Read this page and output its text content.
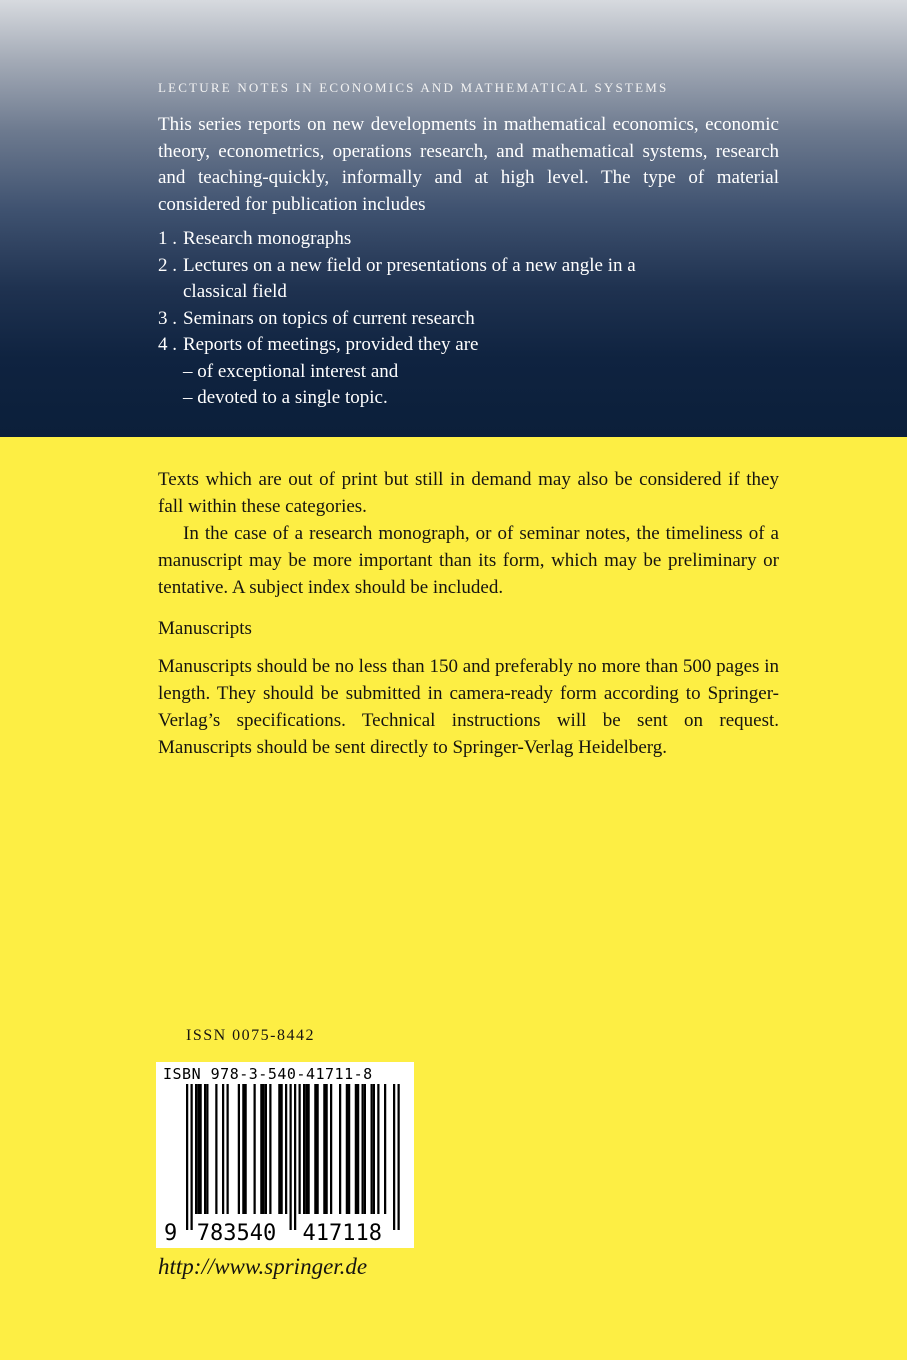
LECTURE NOTES IN ECONOMICS AND MATHEMATICAL SYSTEMS

This series reports on new developments in mathematical economics, economic theory, econometrics, operations research, and mathematical systems, research and teaching-quickly, informally and at high level. The type of material considered for publication includes

1 . Research monographs
2 . Lectures on a new field or presentations of a new angle in a classical field
3 . Seminars on topics of current research
4 . Reports of meetings, provided they are
– of exceptional interest and
– devoted to a single topic.

Texts which are out of print but still in demand may also be considered if they fall within these categories.

In the case of a research monograph, or of seminar notes, the timeliness of a manuscript may be more important than its form, which may be preliminary or tentative. A subject index should be included.

Manuscripts

Manuscripts should be no less than 150 and preferably no more than 500 pages in length. They should be submitted in camera-ready form according to Springer-Verlag’s specifications. Technical instructions will be sent on request. Manuscripts should be sent directly to Springer-Verlag Heidelberg.

ISSN 0075-8442
9 783540 417118
ISBN 978-3-540-41711-8
http://www.springer.de
